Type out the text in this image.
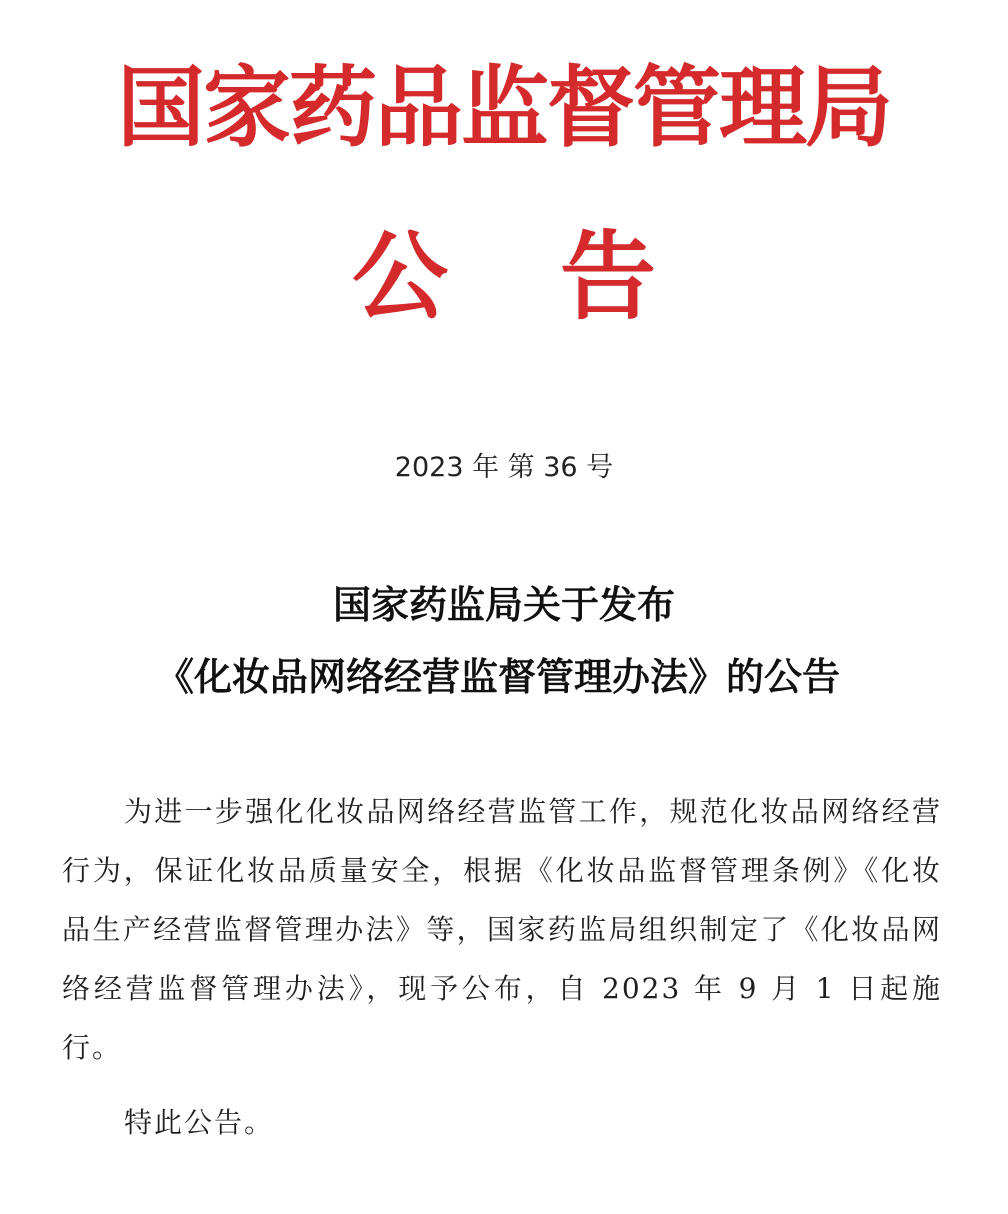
国家药品监督管理局
公 告
2023 年 第 36 号
国家药监局关于发布
《化妆品网络经营监督管理办法》的公告
为进一步强化化妆品网络经营监管工作，规范化妆品网络经营行为，保证化妆品质量安全，根据《化妆品监督管理条例》《化妆品生产经营监督管理办法》等，国家药监局组织制定了《化妆品网络经营监督管理办法》，现予公布，自 2023 年 9 月 1 日起施行。
特此公告。
